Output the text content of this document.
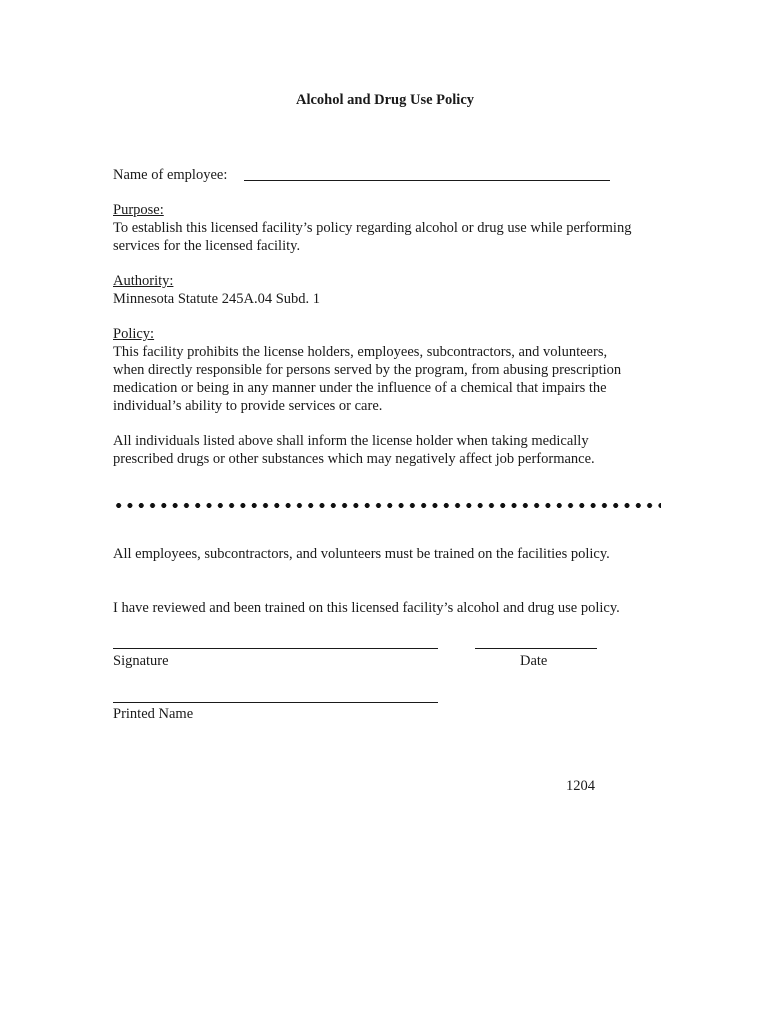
Alcohol and Drug Use Policy
Name of employee:
Purpose:
To establish this licensed facility’s policy regarding alcohol or drug use while performing
services for the licensed facility.
Authority:
Minnesota Statute 245A.04 Subd. 1
Policy:
This facility prohibits the license holders, employees, subcontractors, and volunteers,
when directly responsible for persons served by the program, from abusing prescription
medication or being in any manner under the influence of a chemical that impairs the
individual’s ability to provide services or care.
All individuals listed above shall inform the license holder when taking medically
prescribed drugs or other substances which may negatively affect job performance.
All employees, subcontractors, and volunteers must be trained on the facilities policy.
I have reviewed and been trained on this licensed facility’s alcohol and drug use policy.
Signature	Date
Printed Name
1204
